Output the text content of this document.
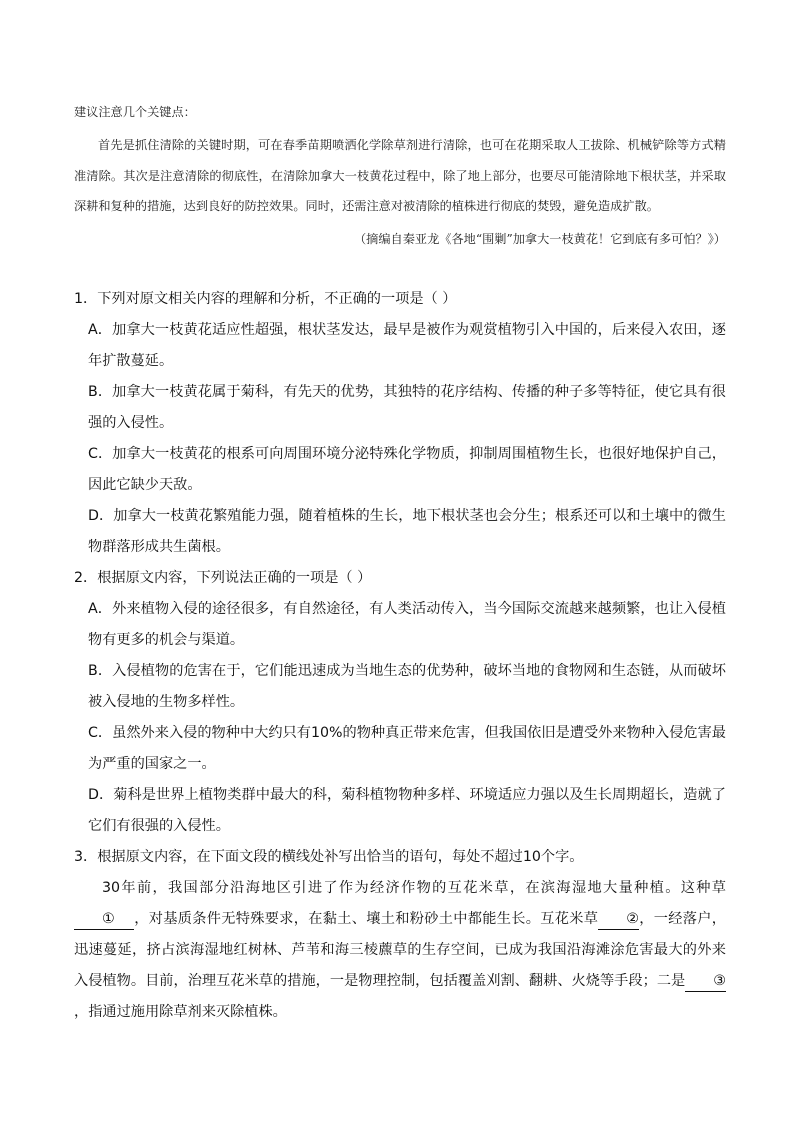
建议注意几个关键点：

首先是抓住清除的关键时期，可在春季苗期喷洒化学除草剂进行清除，也可在花期采取人工拔除、机械铲除等方式精准清除。其次是注意清除的彻底性，在清除加拿大一枝黄花过程中，除了地上部分，也要尽可能清除地下根状茎，并采取深耕和复种的措施，达到良好的防控效果。同时，还需注意对被清除的植株进行彻底的焚毁，避免造成扩散。

（摘编自秦亚龙《各地“围剿”加拿大一枝黄花！它到底有多可怕？》）

1．下列对原文相关内容的理解和分析，不正确的一项是（ ）

A．加拿大一枝黄花适应性超强，根状茎发达，最早是被作为观赏植物引入中国的，后来侵入农田，逐年扩散蔓延。

B．加拿大一枝黄花属于菊科，有先天的优势，其独特的花序结构、传播的种子多等特征，使它具有很强的入侵性。

C．加拿大一枝黄花的根系可向周围环境分泌特殊化学物质，抑制周围植物生长，也很好地保护自己，因此它缺少天敌。

D．加拿大一枝黄花繁殖能力强，随着植株的生长，地下根状茎也会分生；根系还可以和土壤中的微生物群落形成共生菌根。

2．根据原文内容，下列说法正确的一项是（ ）

A．外来植物入侵的途径很多，有自然途径，有人类活动传入，当今国际交流越来越频繁，也让入侵植物有更多的机会与渠道。

B．入侵植物的危害在于，它们能迅速成为当地生态的优势种，破坏当地的食物网和生态链，从而破坏被入侵地的生物多样性。

C．虽然外来入侵的物种中大约只有10%的物种真正带来危害，但我国依旧是遭受外来物种入侵危害最为严重的国家之一。

D．菊科是世界上植物类群中最大的科，菊科植物物种多样、环境适应力强以及生长周期超长，造就了它们有很强的入侵性。

3．根据原文内容，在下面文段的横线处补写出恰当的语句，每处不超过10个字。

30年前，我国部分沿海地区引进了作为经济作物的互花米草，在滨海湿地大量种植。这种草① ，对基质条件无特殊要求，在黏土、壤土和粉砂土中都能生长。互花米草 ②，一经落户，迅速蔓延，挤占滨海湿地红树林、芦苇和海三棱藨草的生存空间，已成为我国沿海滩涂危害最大的外来入侵植物。目前，治理互花米草的措施，一是物理控制，包括覆盖刈割、翻耕、火烧等手段；二是 ③，指通过施用除草剂来灭除植株。
